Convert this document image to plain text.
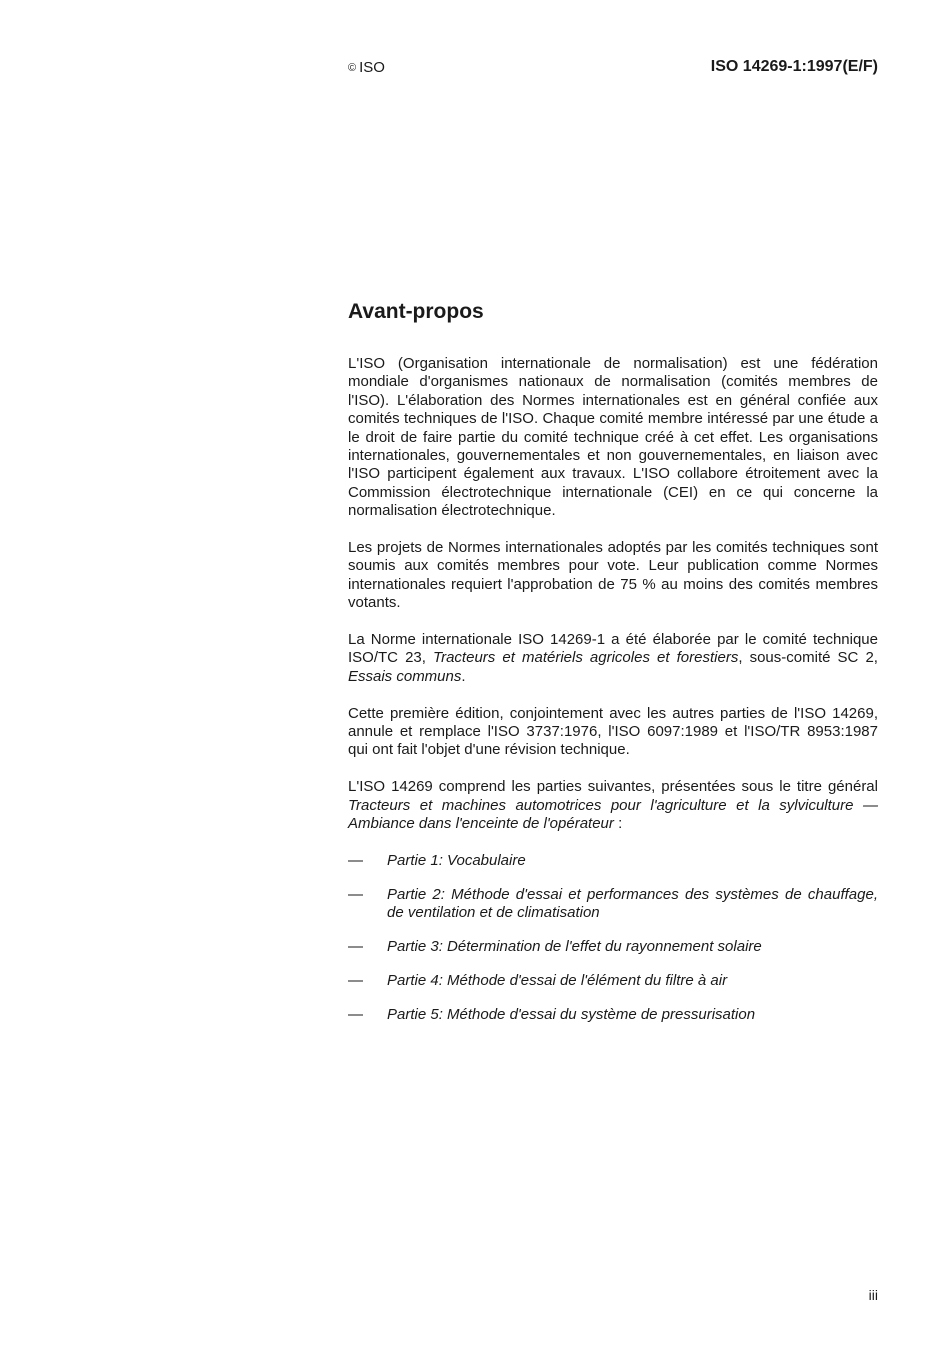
© ISO	ISO 14269-1:1997(E/F)
Avant-propos

L'ISO (Organisation internationale de normalisation) est une fédération mondiale d'organismes nationaux de normalisation (comités membres de l'ISO). L'élaboration des Normes internationales est en général confiée aux comités techniques de l'ISO. Chaque comité membre intéressé par une étude a le droit de faire partie du comité technique créé à cet effet. Les organisations internationales, gouvernementales et non gouvernementales, en liaison avec l'ISO participent également aux travaux. L'ISO collabore étroitement avec la Commission électrotechnique internationale (CEI) en ce qui concerne la normalisation électrotechnique.

Les projets de Normes internationales adoptés par les comités techniques sont soumis aux comités membres pour vote. Leur publication comme Normes internationales requiert l'approbation de 75 % au moins des comités membres votants.

La Norme internationale ISO 14269-1 a été élaborée par le comité technique ISO/TC 23, Tracteurs et matériels agricoles et forestiers, sous-comité SC 2, Essais communs.

Cette première édition, conjointement avec les autres parties de l'ISO 14269, annule et remplace l'ISO 3737:1976, l'ISO 6097:1989 et l'ISO/TR 8953:1987 qui ont fait l'objet d'une révision technique.

L'ISO 14269 comprend les parties suivantes, présentées sous le titre général Tracteurs et machines automotrices pour l'agriculture et la sylviculture — Ambiance dans l'enceinte de l'opérateur :

—	Partie 1: Vocabulaire
—	Partie 2: Méthode d'essai et performances des systèmes de chauffage, de ventilation et de climatisation
—	Partie 3: Détermination de l'effet du rayonnement solaire
—	Partie 4: Méthode d'essai de l'élément du filtre à air
—	Partie 5: Méthode d'essai du système de pressurisation
iii
